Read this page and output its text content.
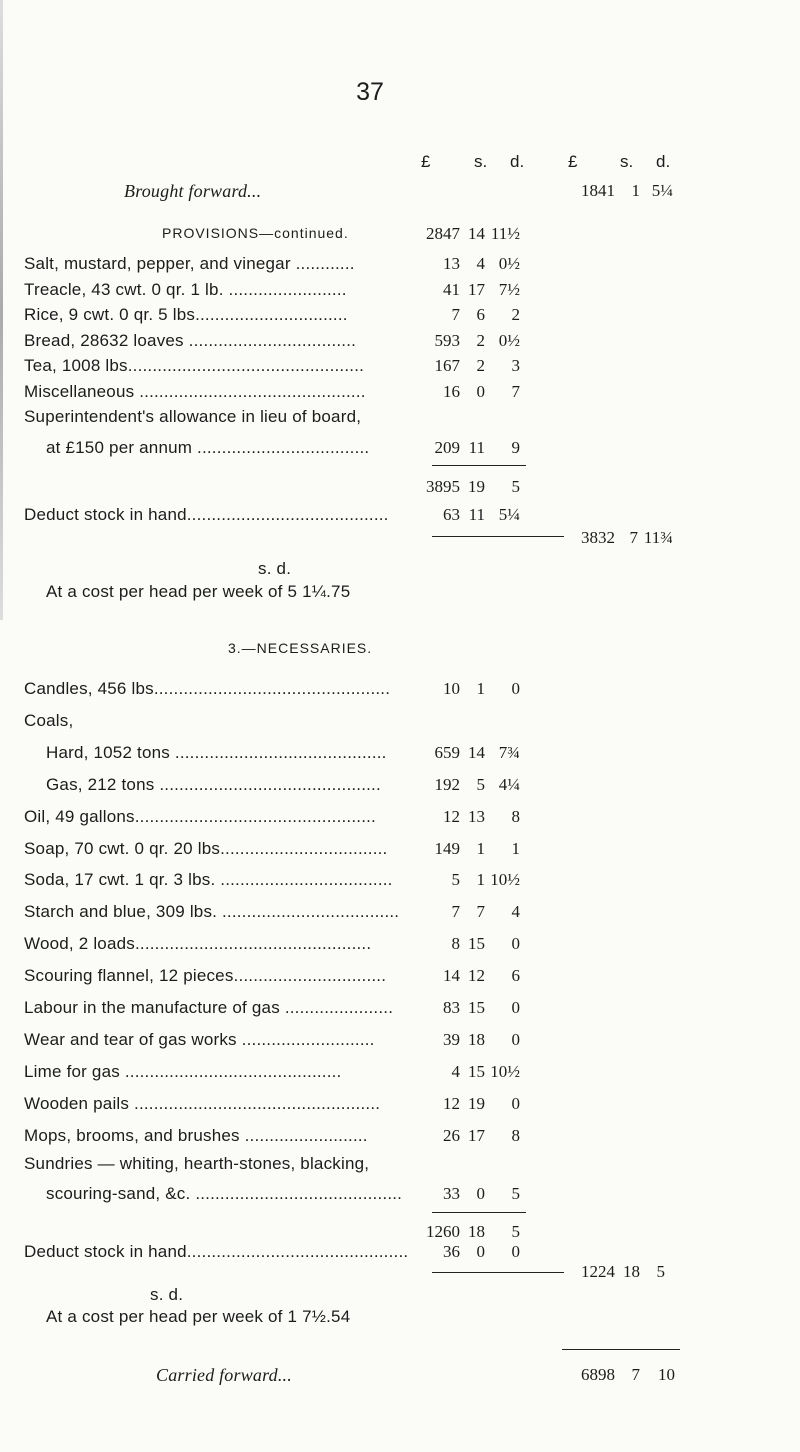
37
£	s. d.	£	s. d.
Brought forward...	1841 1 5¼
PROVISIONS—continued.	2847 14 11½
Salt, mustard, pepper, and vinegar ............	13 4 0½
Treacle, 43 cwt. 0 qr. 1 lb. ........................	41 17 7½
Rice, 9 cwt. 0 qr. 5 lbs...............................	7 6	2
Bread, 28632 loaves ..................................	593 2 0½
Tea, 1008 lbs................................................	167 2	3
Miscellaneous ..............................................	16 0	7
Superintendent's allowance in lieu of board,
at £150 per annum ...................................	209 11	9
3895 19	5
Deduct stock in hand.........................................	63 11 5¼
3832 7 11¾
s. d.
At a cost per head per week of 5 1¼.75
3.—NECESSARIES.
Candles, 456 lbs................................................	10 1	0
Coals,
Hard, 1052 tons ...........................................	659 14 7¾
Gas, 212 tons .............................................	192 5 4¼
Oil, 49 gallons.................................................	12 13	8
Soap, 70 cwt. 0 qr. 20 lbs..................................	149 1	1
Soda, 17 cwt. 1 qr. 3 lbs. ...................................	5 1 10½
Starch and blue, 309 lbs. ....................................	7 7	4
Wood, 2 loads................................................	8 15	0
Scouring flannel, 12 pieces...............................	14 12	6
Labour in the manufacture of gas ......................	83 15	0
Wear and tear of gas works ...........................	39 18	0
Lime for gas ............................................	4 15 10½
Wooden pails ..................................................	12 19	0
Mops, brooms, and brushes .........................	26 17	8
Sundries — whiting, hearth-stones, blacking,
scouring-sand, &c. ..........................................	33 0	5
1260 18	5
Deduct stock in hand.............................................	36 0	0
1224 18 5
s. d.
At a cost per head per week of 1 7½.54
Carried forward...	6898 7	10
